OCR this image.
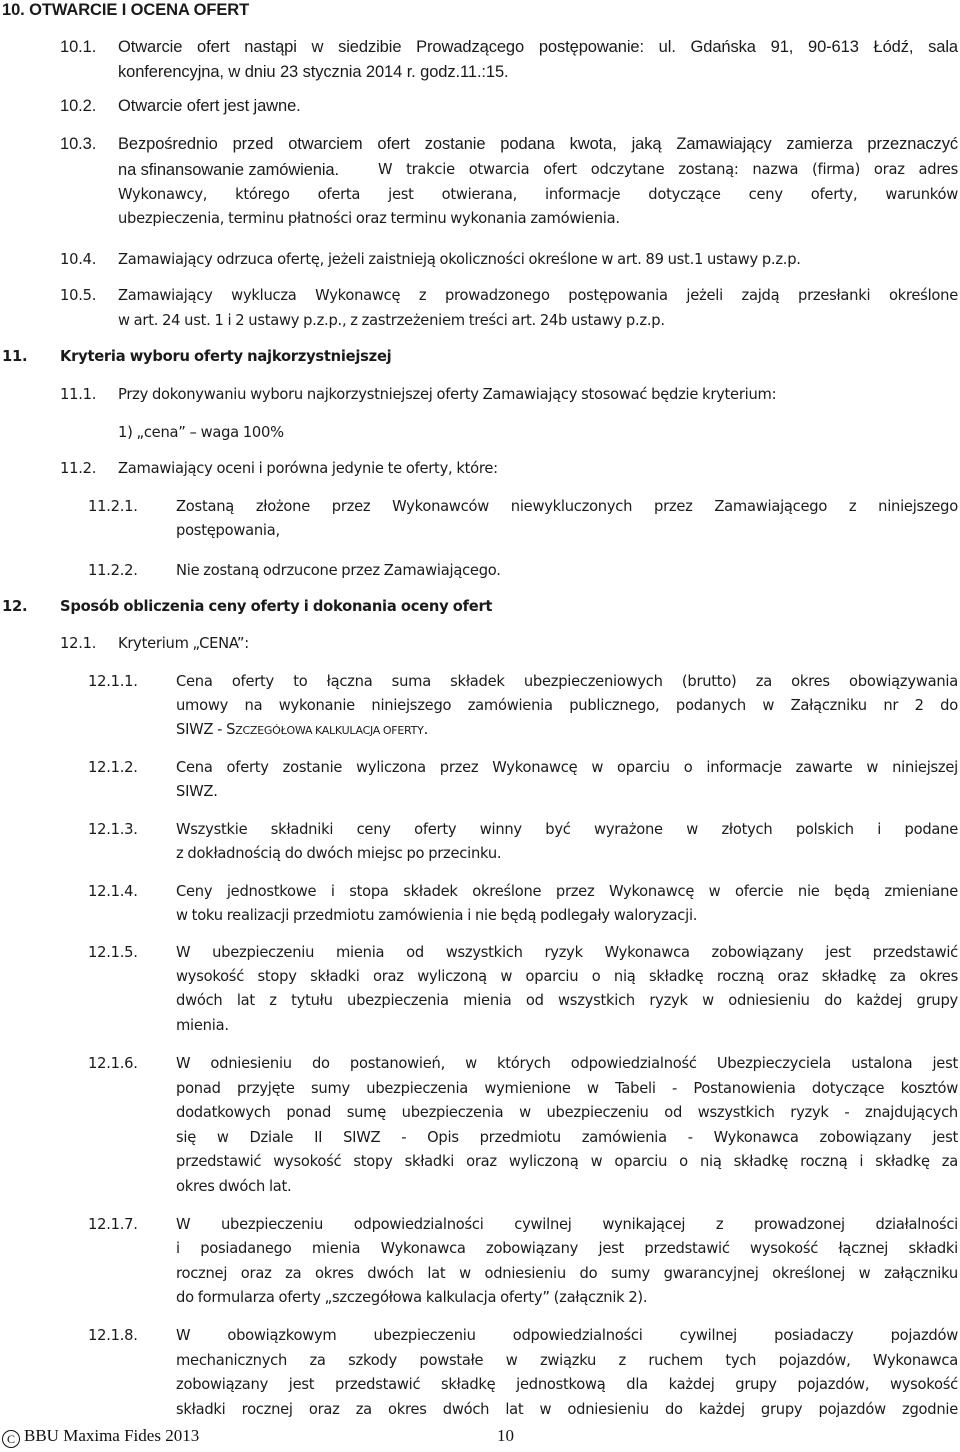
10. OTWARCIE I OCENA OFERT
10.1. Otwarcie ofert nastąpi w siedzibie Prowadzącego postępowanie: ul. Gdańska 91, 90-613 Łódź, sala
konferencyjna, w dniu 23 stycznia 2014 r. godz.11.:15.
10.2. Otwarcie ofert jest jawne.
10.3. Bezpośrednio przed otwarciem ofert zostanie podana kwota, jaką Zamawiający zamierza przeznaczyć
na sfinansowanie zamówienia.	W trakcie otwarcia ofert odczytane zostaną: nazwa (firma) oraz adres
Wykonawcy, którego oferta jest otwierana, informacje dotyczące ceny oferty, warunków
ubezpieczenia, terminu płatności oraz terminu wykonania zamówienia.
10.4. Zamawiający odrzuca ofertę, jeżeli zaistnieją okoliczności określone w art. 89 ust.1 ustawy p.z.p.
10.5. Zamawiający wyklucza Wykonawcę z prowadzonego postępowania jeżeli zajdą przesłanki określone
w art. 24 ust. 1 i 2 ustawy p.z.p., z zastrzeżeniem treści art. 24b ustawy p.z.p.
11. Kryteria wyboru oferty najkorzystniejszej
11.1. Przy dokonywaniu wyboru najkorzystniejszej oferty Zamawiający stosować będzie kryterium:
1) „cena” – waga 100%
11.2. Zamawiający oceni i porówna jedynie te oferty, które:
11.2.1.	Zostaną złożone przez Wykonawców niewykluczonych przez Zamawiającego z niniejszego
postępowania,
11.2.2.	Nie zostaną odrzucone przez Zamawiającego.
12. Sposób obliczenia ceny oferty i dokonania oceny ofert
12.1. Kryterium „CENA”:
12.1.1.	Cena oferty to łączna suma składek ubezpieczeniowych (brutto) za okres obowiązywania
umowy na wykonanie niniejszego zamówienia publicznego, podanych w Załączniku nr 2 do
SIWZ - SZCZEGÓŁOWA KALKULACJA OFERTY.
12.1.2.	Cena oferty zostanie wyliczona przez Wykonawcę w oparciu o informacje zawarte w niniejszej
SIWZ.
12.1.3.	Wszystkie składniki ceny oferty winny być wyrażone w złotych polskich i podane
z dokładnością do dwóch miejsc po przecinku.
12.1.4.	Ceny jednostkowe i stopa składek określone przez Wykonawcę w ofercie nie będą zmieniane
w toku realizacji przedmiotu zamówienia i nie będą podlegały waloryzacji.
12.1.5.	W ubezpieczeniu mienia od wszystkich ryzyk Wykonawca zobowiązany jest przedstawić
wysokość stopy składki oraz wyliczoną w oparciu o nią składkę roczną oraz składkę za okres
dwóch lat z tytułu ubezpieczenia mienia od wszystkich ryzyk w odniesieniu do każdej grupy
mienia.
12.1.6.	W odniesieniu do postanowień, w których odpowiedzialność Ubezpieczyciela ustalona jest
ponad przyjęte sumy ubezpieczenia wymienione w Tabeli - Postanowienia dotyczące kosztów
dodatkowych ponad sumę ubezpieczenia w ubezpieczeniu od wszystkich ryzyk - znajdujących
się w Dziale II SIWZ - Opis przedmiotu zamówienia - Wykonawca zobowiązany jest
przedstawić wysokość stopy składki oraz wyliczoną w oparciu o nią składkę roczną i składkę za
okres dwóch lat.
12.1.7.	W ubezpieczeniu odpowiedzialności cywilnej wynikającej z prowadzonej działalności
i posiadanego mienia Wykonawca zobowiązany jest przedstawić wysokość łącznej składki
rocznej oraz za okres dwóch lat w odniesieniu do sumy gwarancyjnej określonej w załączniku
do formularza oferty „szczegółowa kalkulacja oferty” (załącznik 2).
12.1.8.	W obowiązkowym ubezpieczeniu odpowiedzialności cywilnej posiadaczy pojazdów
mechanicznych za szkody powstałe w związku z ruchem tych pojazdów, Wykonawca
zobowiązany jest przedstawić składkę jednostkową dla każdej grupy pojazdów, wysokość
składki rocznej oraz za okres dwóch lat w odniesieniu do każdej grupy pojazdów zgodnie
C BBU Maxima Fides 2013	10
